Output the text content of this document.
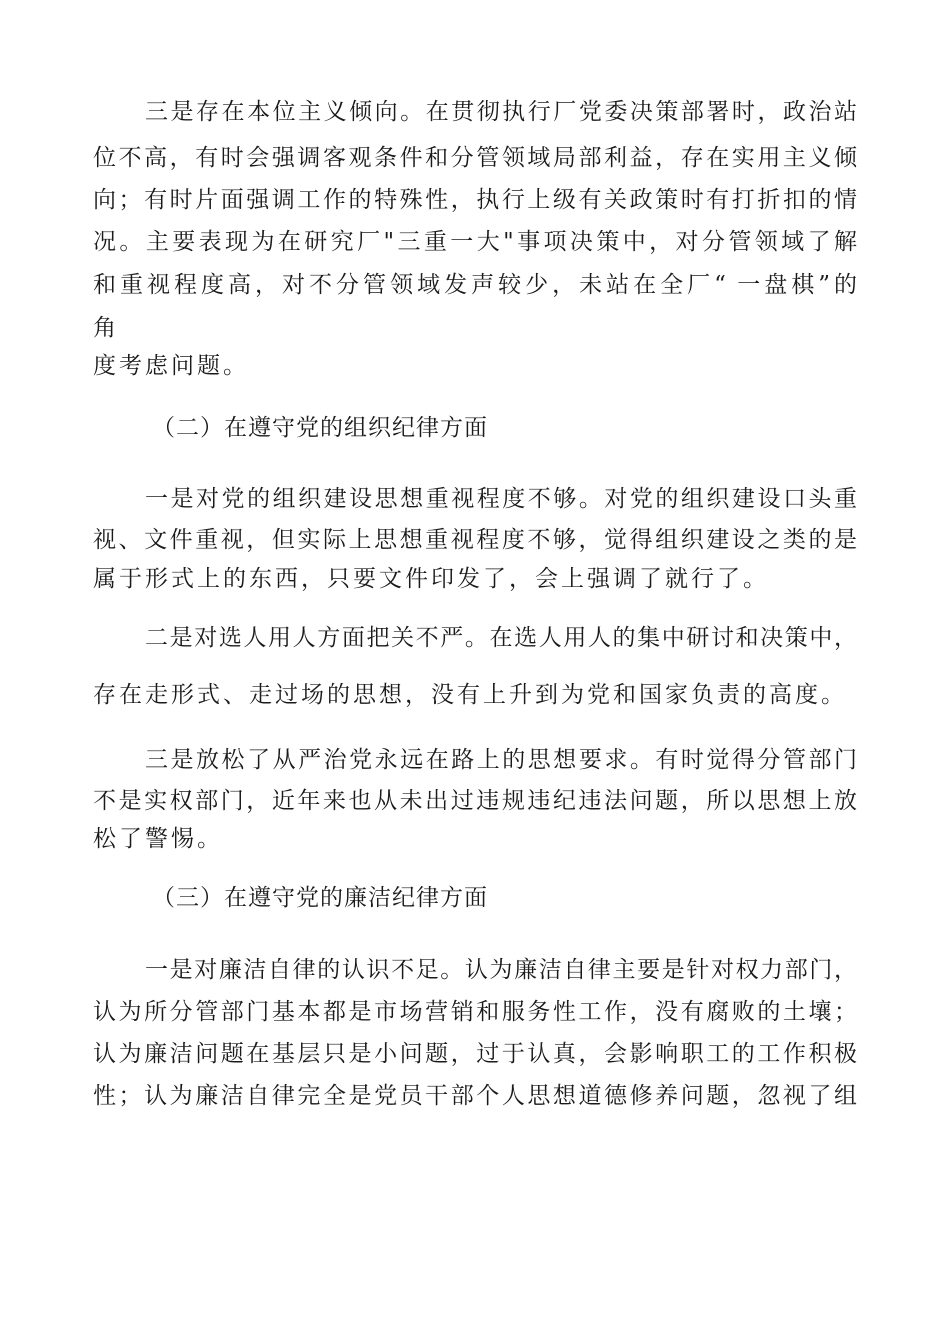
三是存在本位主义倾向。在贯彻执行厂党委决策部署时，政治站
位不高，有时会强调客观条件和分管领域局部利益，存在实用主义倾
向；有时片面强调工作的特殊性，执行上级有关政策时有打折扣的情
况。主要表现为在研究厂"三重一大"事项决策中，对分管领域了解
和重视程度高，对不分管领域发声较少，未站在全厂“ 一盘棋”的
角
度考虑问题。
（二）在遵守党的组织纪律方面
一是对党的组织建设思想重视程度不够。对党的组织建设口头重
视、文件重视，但实际上思想重视程度不够，觉得组织建设之类的是
属于形式上的东西，只要文件印发了，会上强调了就行了。
二是对选人用人方面把关不严。在选人用人的集中研讨和决策中，
存在走形式、走过场的思想，没有上升到为党和国家负责的高度。
三是放松了从严治党永远在路上的思想要求。有时觉得分管部门
不是实权部门，近年来也从未出过违规违纪违法问题，所以思想上放
松了警惕。
（三）在遵守党的廉洁纪律方面
一是对廉洁自律的认识不足。认为廉洁自律主要是针对权力部门，
认为所分管部门基本都是市场营销和服务性工作，没有腐败的土壤；
认为廉洁问题在基层只是小问题，过于认真，会影响职工的工作积极
性；认为廉洁自律完全是党员干部个人思想道德修养问题，忽视了组
